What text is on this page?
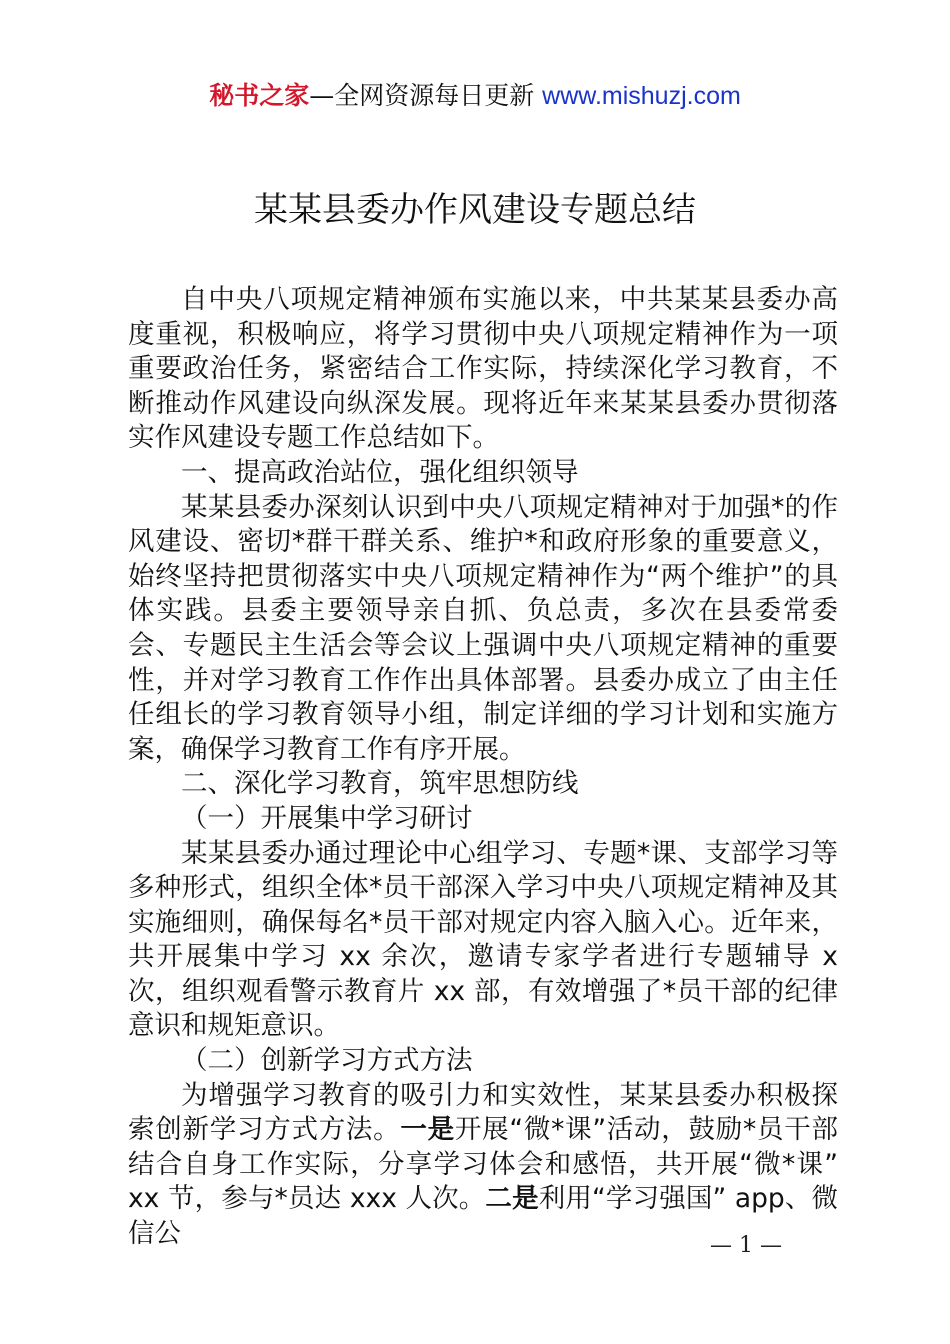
秘书之家—全网资源每日更新 www.mishuzj.com
某某县委办作风建设专题总结

自中央八项规定精神颁布实施以来，中共某某县委办高度重视，积极响应，将学习贯彻中央八项规定精神作为一项重要政治任务，紧密结合工作实际，持续深化学习教育，不断推动作风建设向纵深发展。现将近年来某某县委办贯彻落实作风建设专题工作总结如下。

一、提高政治站位，强化组织领导

某某县委办深刻认识到中央八项规定精神对于加强*的作风建设、密切*群干群关系、维护*和政府形象的重要意义，始终坚持把贯彻落实中央八项规定精神作为“两个维护”的具体实践。县委主要领导亲自抓、负总责，多次在县委常委会、专题民主生活会等会议上强调中央八项规定精神的重要性，并对学习教育工作作出具体部署。县委办成立了由主任任组长的学习教育领导小组，制定详细的学习计划和实施方案，确保学习教育工作有序开展。

二、深化学习教育，筑牢思想防线

（一）开展集中学习研讨

某某县委办通过理论中心组学习、专题*课、支部学习等多种形式，组织全体*员干部深入学习中央八项规定精神及其实施细则，确保每名*员干部对规定内容入脑入心。近年来，共开展集中学习 xx 余次，邀请专家学者进行专题辅导 x 次，组织观看警示教育片 xx 部，有效增强了*员干部的纪律意识和规矩意识。

（二）创新学习方式方法

为增强学习教育的吸引力和实效性，某某县委办积极探索创新学习方式方法。一是开展“微*课”活动，鼓励*员干部结合自身工作实际，分享学习体会和感悟，共开展“微*课” xx 节，参与*员达 xxx 人次。二是利用“学习强国” app、微信公	— 1 —
